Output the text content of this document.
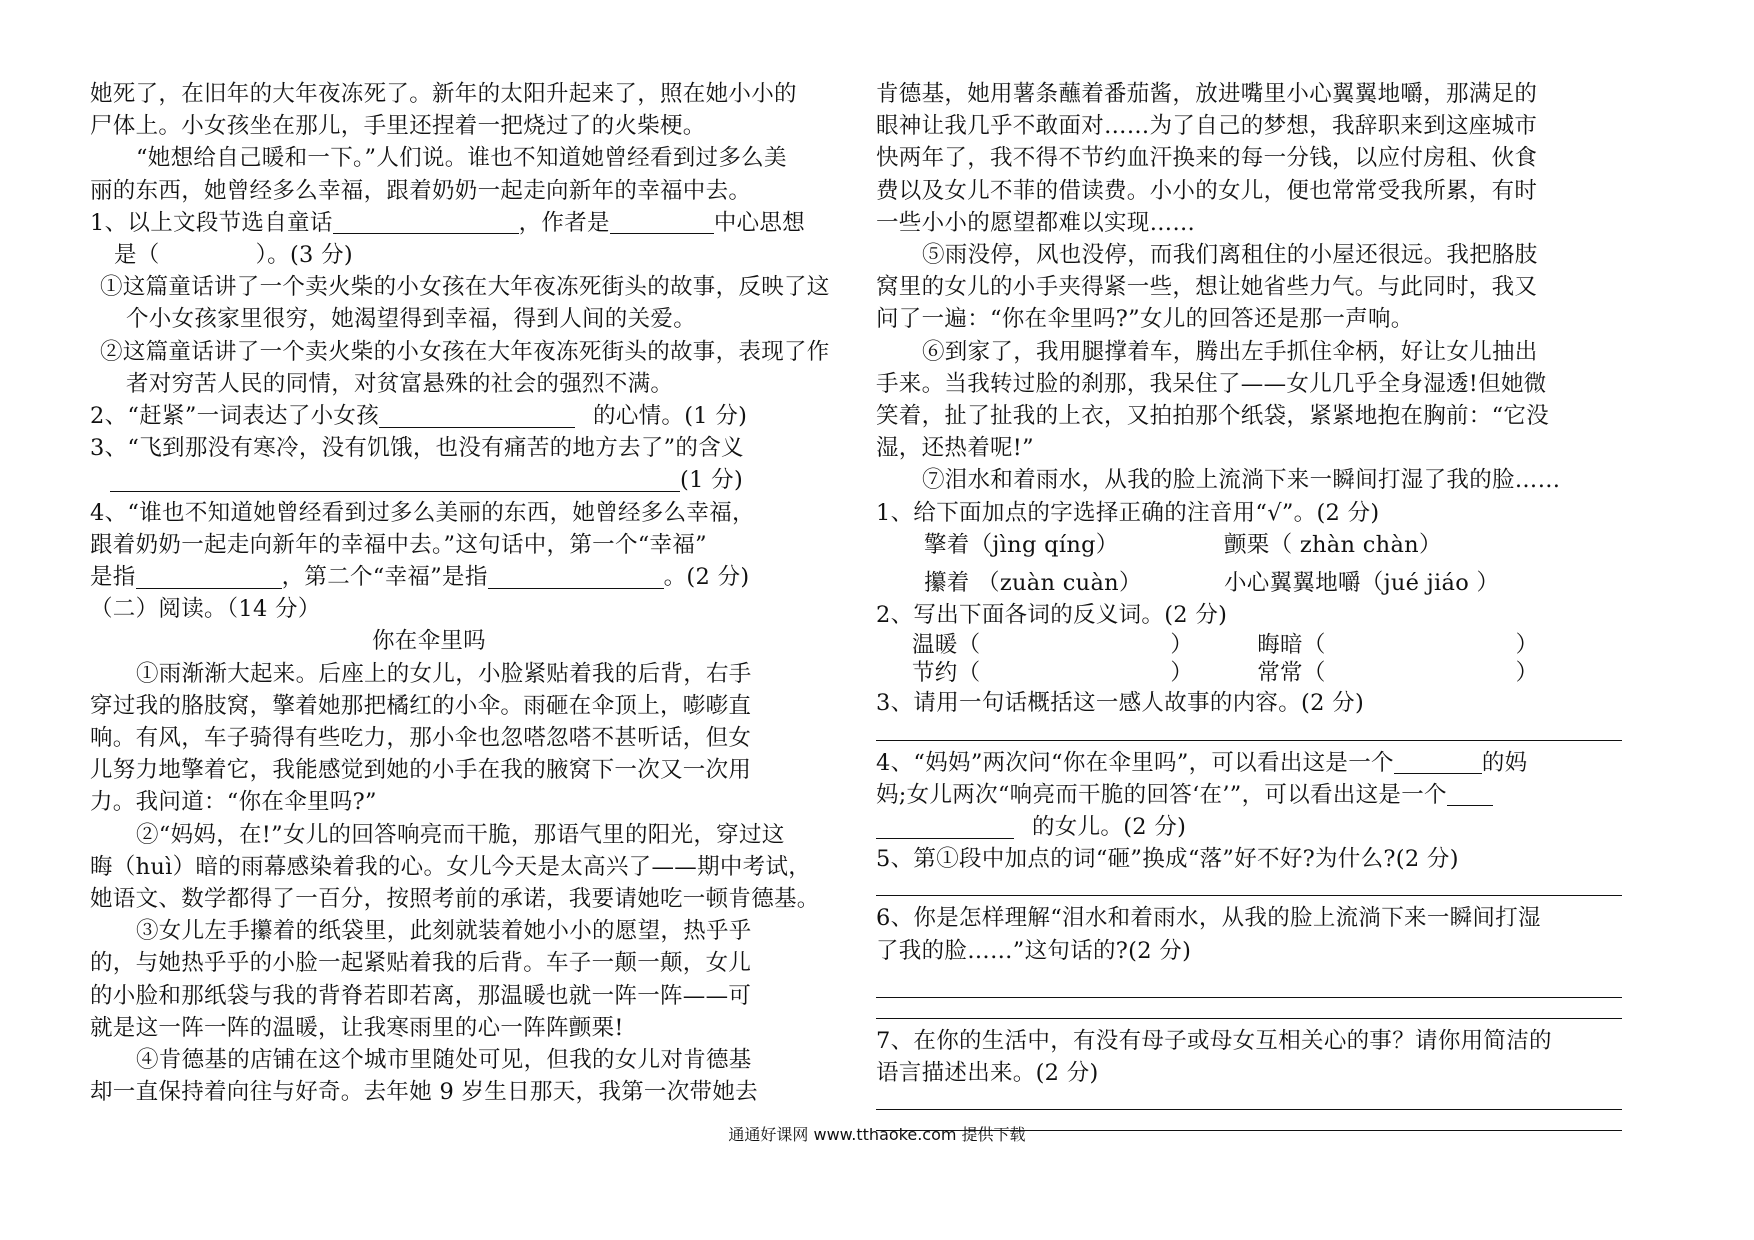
她死了，在旧年的大年夜冻死了。新年的太阳升起来了，照在她小小的
尸体上。小女孩坐在那儿，手里还捏着一把烧过了的火柴梗。
“她想给自己暖和一下。”人们说。谁也不知道她曾经看到过多么美
丽的东西，她曾经多么幸福，跟着奶奶一起走向新年的幸福中去。
1、以上文段节选自童话	，作者是	中心思想
是（	）。(3 分)
①这篇童话讲了一个卖火柴的小女孩在大年夜冻死街头的故事，反映了这
个小女孩家里很穷，她渴望得到幸福，得到人间的关爱。
②这篇童话讲了一个卖火柴的小女孩在大年夜冻死街头的故事，表现了作
者对穷苦人民的同情，对贫富悬殊的社会的强烈不满。
2、“赶紧”一词表达了小女孩	的心情。(1 分)
3、“飞到那没有寒冷，没有饥饿，也没有痛苦的地方去了”的含义
(1 分)
4、“谁也不知道她曾经看到过多么美丽的东西，她曾经多么幸福，
跟着奶奶一起走向新年的幸福中去。”这句话中，第一个“幸福”
是指	，第二个“幸福”是指	。(2 分)
（二）阅读。（14 分）
你在伞里吗
①雨渐渐大起来。后座上的女儿，小脸紧贴着我的后背，右手
穿过我的胳肢窝，擎着她那把橘红的小伞。雨砸在伞顶上，嘭嘭直
响。有风，车子骑得有些吃力，那小伞也忽嗒忽嗒不甚听话，但女
儿努力地擎着它，我能感觉到她的小手在我的腋窝下一次又一次用
力。我问道：“你在伞里吗?”
②“妈妈，在!”女儿的回答响亮而干脆，那语气里的阳光，穿过这
晦（huì）暗的雨幕感染着我的心。女儿今天是太高兴了——期中考试，
她语文、数学都得了一百分，按照考前的承诺，我要请她吃一顿肯德基。
③女儿左手攥着的纸袋里，此刻就装着她小小的愿望，热乎乎
的，与她热乎乎的小脸一起紧贴着我的后背。车子一颠一颠，女儿
的小脸和那纸袋与我的背脊若即若离，那温暖也就一阵一阵——可
就是这一阵一阵的温暖，让我寒雨里的心一阵阵颤栗!
④肯德基的店铺在这个城市里随处可见，但我的女儿对肯德基
却一直保持着向往与好奇。去年她 9 岁生日那天，我第一次带她去
肯德基，她用薯条蘸着番茄酱，放进嘴里小心翼翼地嚼，那满足的
眼神让我几乎不敢面对……为了自己的梦想，我辞职来到这座城市
快两年了，我不得不节约血汗换来的每一分钱，以应付房租、伙食
费以及女儿不菲的借读费。小小的女儿，便也常常受我所累，有时
一些小小的愿望都难以实现……
⑤雨没停，风也没停，而我们离租住的小屋还很远。我把胳肢
窝里的女儿的小手夹得紧一些，想让她省些力气。与此同时，我又
问了一遍：“你在伞里吗?”女儿的回答还是那一声响。
⑥到家了，我用腿撑着车，腾出左手抓住伞柄，好让女儿抽出
手来。当我转过脸的刹那，我呆住了——女儿几乎全身湿透!但她微
笑着，扯了扯我的上衣，又拍拍那个纸袋，紧紧地抱在胸前：“它没
湿，还热着呢!”
⑦泪水和着雨水，从我的脸上流淌下来一瞬间打湿了我的脸……
1、给下面加点的字选择正确的注音用“√”。(2 分)
擎着（jìng qíng）	颤栗（ zhàn chàn）
攥着 （zuàn cuàn）	小心翼翼地嚼（jué jiáo ）
2、写出下面各词的反义词。(2 分)
温暖（	）	晦暗（	）
节约（	）	常常（	）
3、请用一句话概括这一感人故事的内容。(2 分)
4、“妈妈”两次问“你在伞里吗”，可以看出这是一个	的妈
妈;女儿两次“响亮而干脆的回答‘在’”，可以看出这是一个
的女儿。(2 分)
5、第①段中加点的词“砸”换成“落”好不好?为什么?(2 分)
6、你是怎样理解“泪水和着雨水，从我的脸上流淌下来一瞬间打湿
了我的脸……”这句话的?(2 分)
7、在你的生活中，有没有母子或母女互相关心的事？请你用简洁的
语言描述出来。(2 分)
通通好课网 www.tthaoke.com 提供下载
